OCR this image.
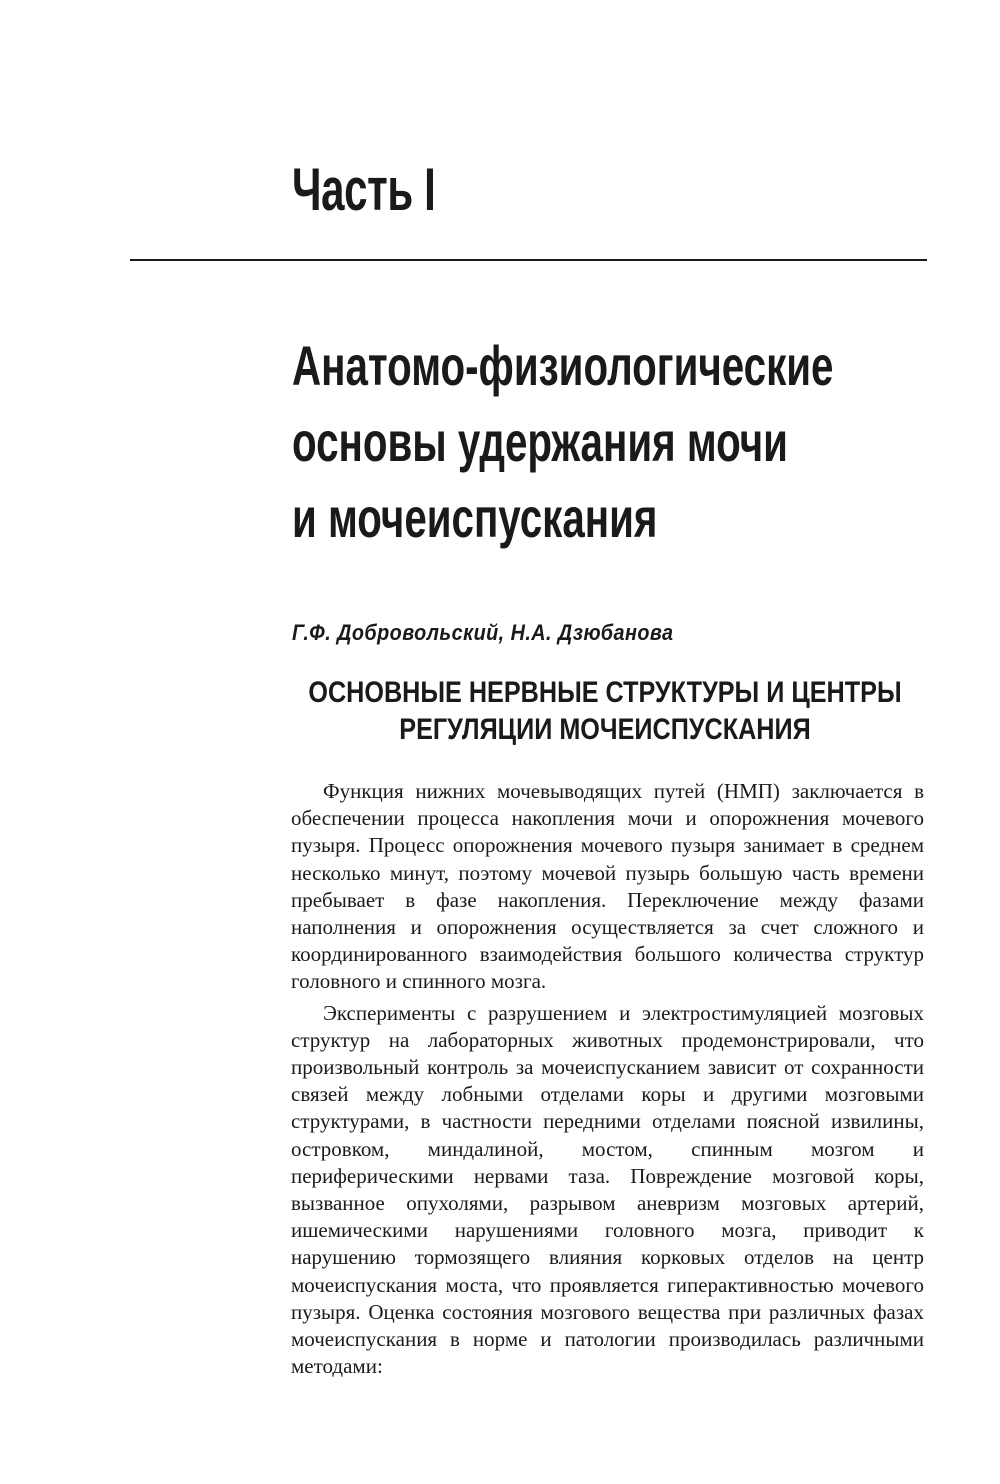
Часть I
Анатомо-физиологические
основы удержания мочи
и мочеиспускания
Г.Ф. Добровольский, Н.А. Дзюбанова
ОСНОВНЫЕ НЕРВНЫЕ СТРУКТУРЫ И ЦЕНТРЫ
РЕГУЛЯЦИИ МОЧЕИСПУСКАНИЯ

Функция нижних мочевыводящих путей (НМП) заключается в обеспечении процесса накопления мочи и опорожнения мочевого пузыря. Процесс опорожнения мочевого пузыря занимает в среднем несколько минут, поэтому мочевой пузырь большую часть времени пребывает в фазе накопления. Переключение между фазами наполнения и опорожнения осуществляется за счет сложного и координированного взаимодействия большого количества структур головного и спинного мозга.

Эксперименты с разрушением и электростимуляцией мозговых структур на лабораторных животных продемонстрировали, что произвольный контроль за мочеиспусканием зависит от сохранности связей между лобными отделами коры и другими мозговыми структурами, в частности передними отделами поясной извилины, островком, миндалиной, мостом, спинным мозгом и периферическими нервами таза. Повреждение мозговой коры, вызванное опухолями, разрывом аневризм мозговых артерий, ишемическими нарушениями головного мозга, приводит к нарушению тормозящего влияния корковых отделов на центр мочеиспускания моста, что проявляется гиперактивностью мочевого пузыря. Оценка состояния мозгового вещества при различных фазах мочеиспускания в норме и патологии производилась различными методами:
